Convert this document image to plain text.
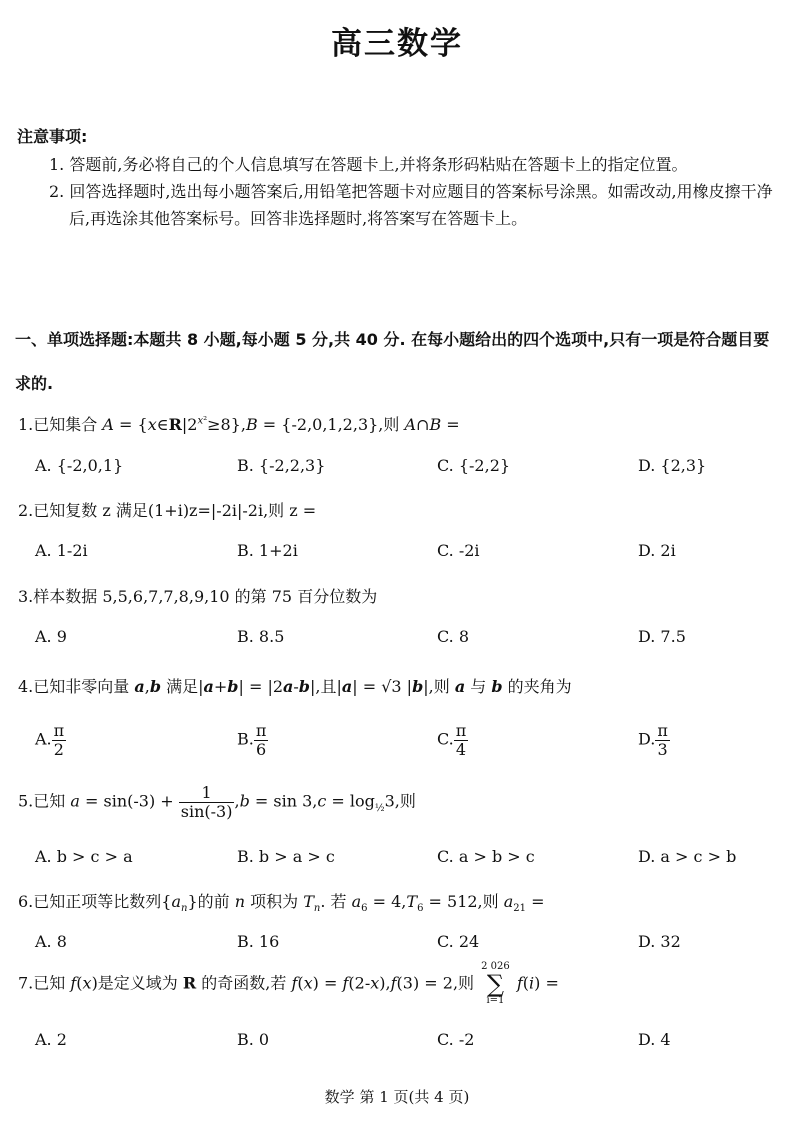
高三数学
注意事项:
1. 答题前,务必将自己的个人信息填写在答题卡上,并将条形码粘贴在答题卡上的指定位置。
2. 回答选择题时,选出每小题答案后,用铅笔把答题卡对应题目的答案标号涂黑。如需改动,用橡皮擦干净后,再选涂其他答案标号。回答非选择题时,将答案写在答题卡上。
一、单项选择题:本题共 8 小题,每小题 5 分,共 40 分. 在每小题给出的四个选项中,只有一项是符合题目要求的.
1.已知集合 $A = \{x\in R|2^{x^2}\ge 8\},B = \{-2,0,1,2,3\}$,则 A∩B =
A. {-2,0,1}	B. {-2,2,3}	C. {-2,2}	D. {2,3}
2.已知复数 z 满足(1+i)z=|-2i|-2i,则 z =
A. 1-2i	B. 1+2i	C. -2i	D. 2i
3.样本数据 5,5,6,7,7,8,9,10 的第 75 百分位数为
A. 9	B. 8.5	C. 8	D. 7.5
4.已知非零向量 a,b 满足|a+b| = |2a-b|,且|a| = √3 |b|,则 a 与 b 的夹角为
A. $\frac{\pi}{2}$	B. $\frac{\pi}{6}$	C. $\frac{\pi}{4}$	D. $\frac{\pi}{3}$
5.已知 $a = \sin(-3) + \frac{1}{\sin(-3)} ,b = \sin 3,c = \log_{\frac{1}{2}}3$,则
A. b > c > a	B. b > a > c	C. a > b > c	D. a > c > b
6.已知正项等比数列$\{a_n\}$的前 n 项积为 $T_n$. 若 $a_6 = 4,T_6 = 512$,则 $a_{21}$ =
A. 8	B. 16	C. 24	D. 32
7.已知 f(x)是定义域为 R 的奇函数,若 f(x) = f(2-x),f(3) = 2,则
2 026
∑
i=1
f(i) =
A. 2	B. 0	C. -2	D. 4
数学 第 1 页(共 4 页)
